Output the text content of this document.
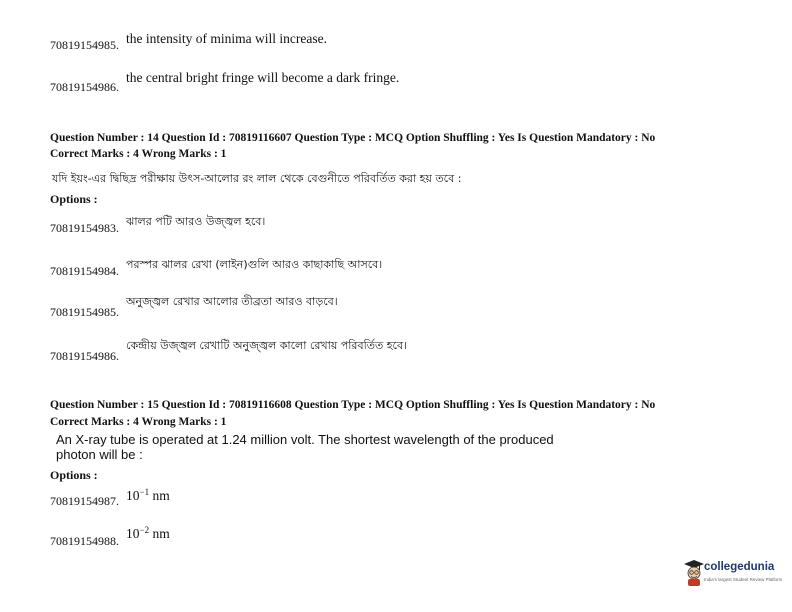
70819154985. the intensity of minima will increase.
70819154986.
the central bright fringe will become a dark fringe.
Question Number : 14 Question Id : 70819116607 Question Type : MCQ Option Shuffling : Yes Is Question Mandatory : No
Correct Marks : 4 Wrong Marks : 1
যদি ইয়ং-এর দ্বিছিদ্র পরীক্ষায় উৎস-আলোর রং লাল থেকে বেগুনীতে পরিবর্তিত করা হয় তবে :
Options :
70819154983. ঝালর পটি আরও উজ্জ্বল হবে।
70819154984. পরস্পর ঝালর রেখা (লাইন)গুলি আরও কাছাকাছি আসবে।
70819154985.
অনুজ্জ্বল রেখার আলোর তীব্রতা আরও বাড়বে।
70819154986.
কেন্দ্রীয় উজ্জ্বল রেখাটি অনুজ্জ্বল কালো রেখায় পরিবর্তিত হবে।
Question Number : 15 Question Id : 70819116608 Question Type : MCQ Option Shuffling : Yes Is Question Mandatory : No
Correct Marks : 4 Wrong Marks : 1
An X-ray tube is operated at 1.24 million volt. The shortest wavelength of the produced
photon will be :
Options :
70819154987. $10^{-1}$ nm
70819154988. $10^{-2}$ nm
collegedunia
India's largest Student Review Platform
